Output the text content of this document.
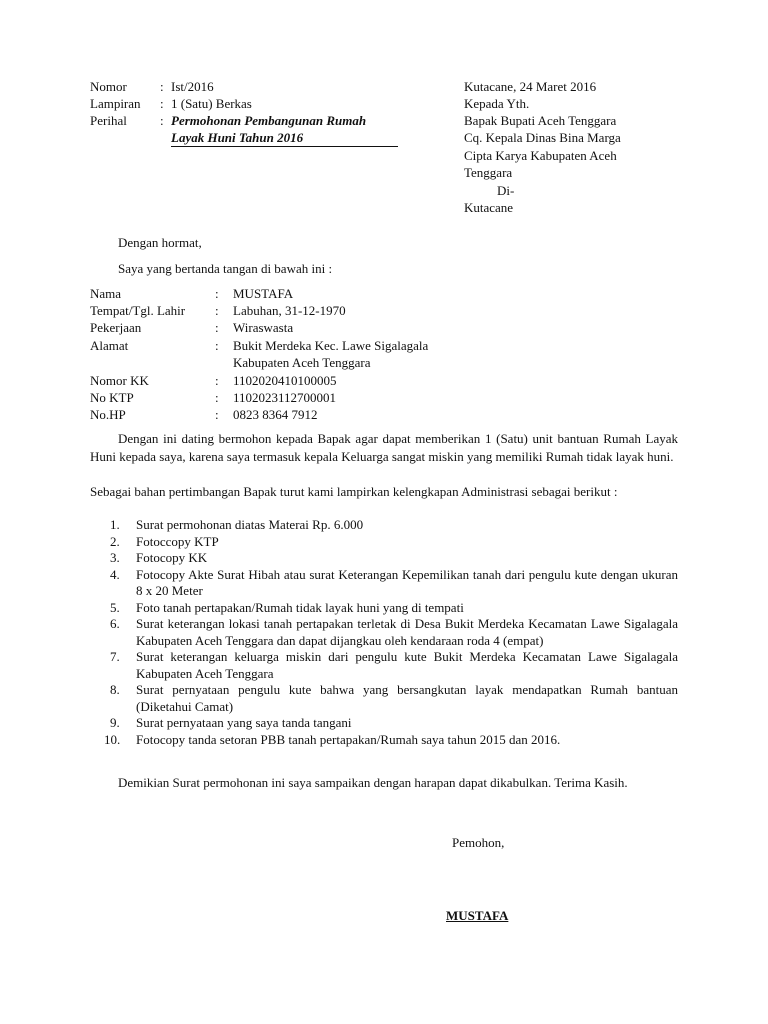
Nomor	: Ist/2016
Lampiran : 1 (Satu) Berkas
Perihal	: Permohonan Pembangunan Rumah
Layak Huni Tahun 2016
Kutacane, 24 Maret 2016
Kepada Yth.
Bapak Bupati Aceh Tenggara
Cq. Kepala Dinas Bina Marga
Cipta Karya Kabupaten Aceh
Tenggara
Di-
Kutacane
Dengan hormat,
Saya yang bertanda tangan di bawah ini :
Nama	: MUSTAFA
Tempat/Tgl. Lahir : Labuhan, 31-12-1970
Pekerjaan	: Wiraswasta
Alamat	: Bukit Merdeka Kec. Lawe Sigalagala
Kabupaten Aceh Tenggara
Nomor KK	: 1102020410100005
No KTP	: 1102023112700001
No.HP	: 0823 8364 7912
Dengan ini dating bermohon kepada Bapak agar dapat memberikan 1 (Satu) unit bantuan Rumah Layak Huni kepada saya, karena saya termasuk kepala Keluarga sangat miskin yang memiliki Rumah tidak layak huni.
Sebagai bahan pertimbangan Bapak turut kami lampirkan kelengkapan Administrasi sebagai berikut :
1. Surat permohonan diatas Materai Rp. 6.000
2. Fotoccopy KTP
3. Fotocopy KK
4. Fotocopy Akte Surat Hibah atau surat Keterangan Kepemilikan tanah dari pengulu kute dengan ukuran 8 x 20 Meter
5. Foto tanah pertapakan/Rumah tidak layak huni yang di tempati
6. Surat keterangan lokasi tanah pertapakan terletak di Desa Bukit Merdeka Kecamatan Lawe Sigalagala Kabupaten Aceh Tenggara dan dapat dijangkau oleh kendaraan roda 4 (empat)
7. Surat keterangan keluarga miskin dari pengulu kute Bukit Merdeka Kecamatan Lawe Sigalagala Kabupaten Aceh Tenggara
8. Surat pernyataan pengulu kute bahwa yang bersangkutan layak mendapatkan Rumah bantuan (Diketahui Camat)
9. Surat pernyataan yang saya tanda tangani
10. Fotocopy tanda setoran PBB tanah pertapakan/Rumah saya tahun 2015 dan 2016.
Demikian Surat permohonan ini saya sampaikan dengan harapan dapat dikabulkan. Terima Kasih.
Pemohon,
MUSTAFA
